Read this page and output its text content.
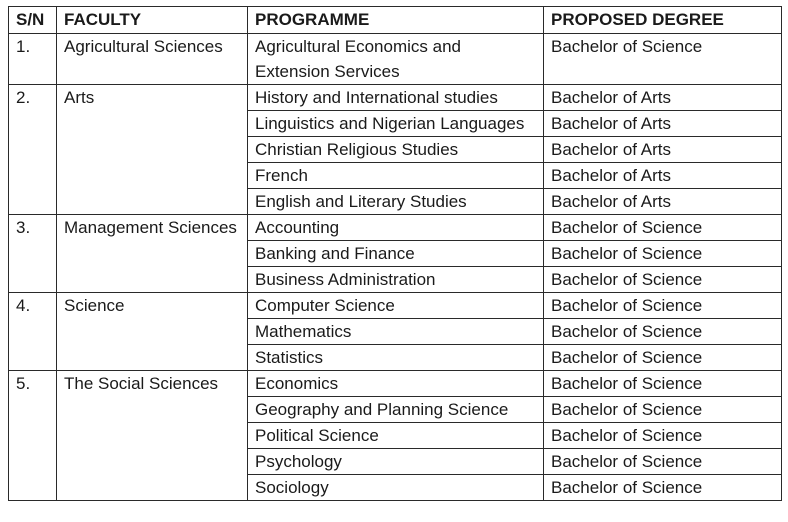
S/N	FACULTY	PROGRAMME	PROPOSED DEGREE
1.	Agricultural Sciences	Agricultural Economics and Extension Services	Bachelor of Science
2.	Arts	History and International studies	Bachelor of Arts
		Linguistics and Nigerian Languages	Bachelor of Arts
		Christian Religious Studies	Bachelor of Arts
		French	Bachelor of Arts
		English and Literary Studies	Bachelor of Arts
3.	Management Sciences	Accounting	Bachelor of Science
		Banking and Finance	Bachelor of Science
		Business Administration	Bachelor of Science
4.	Science	Computer Science	Bachelor of Science
		Mathematics	Bachelor of Science
		Statistics	Bachelor of Science
5.	The Social Sciences	Economics	Bachelor of Science
		Geography and Planning Science	Bachelor of Science
		Political Science	Bachelor of Science
		Psychology	Bachelor of Science
		Sociology	Bachelor of Science
